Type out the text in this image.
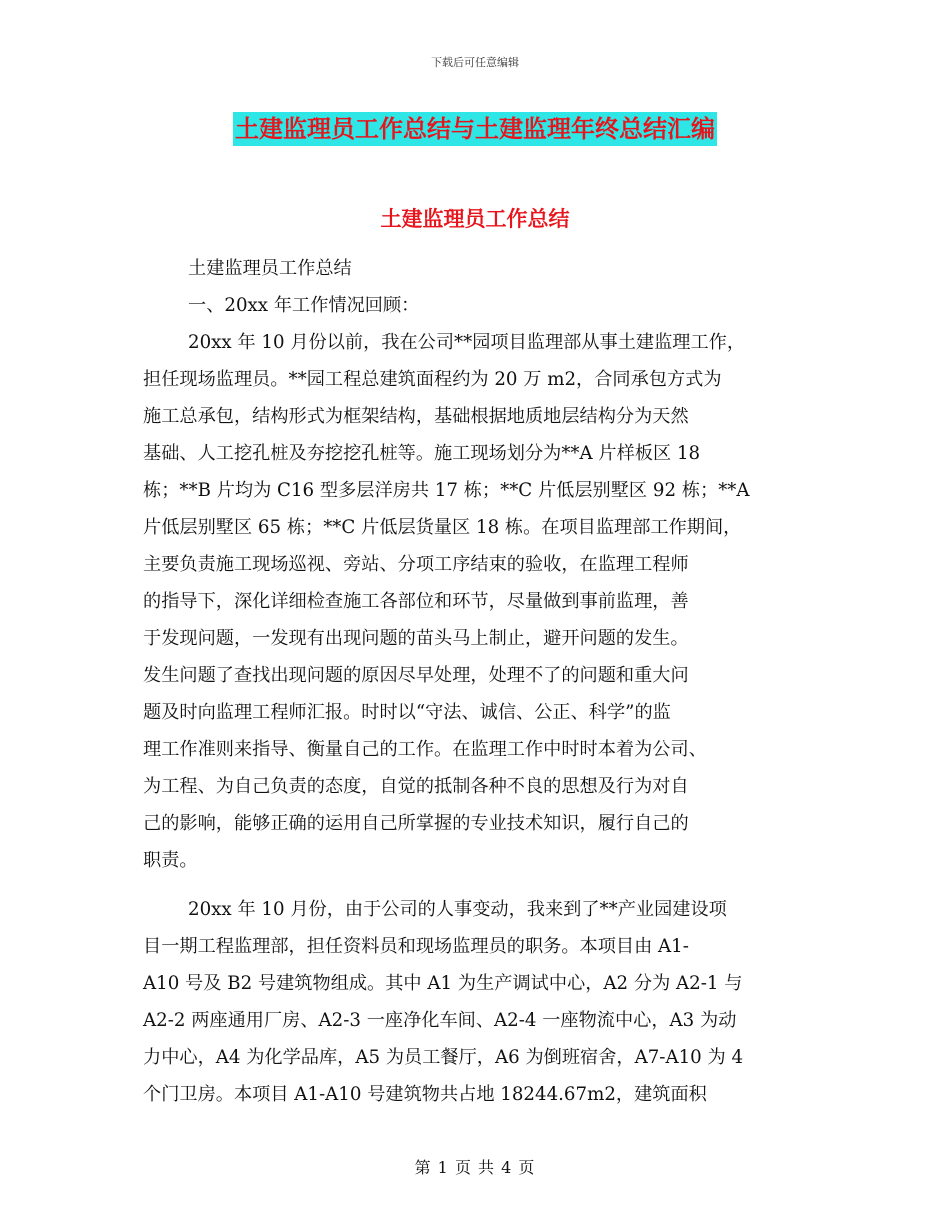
下载后可任意编辑
土建监理员工作总结与土建监理年终总结汇编
土建监理员工作总结
土建监理员工作总结
一、20xx 年工作情况回顾：
20xx 年 10 月份以前，我在公司**园项目监理部从事土建监理工作，
担任现场监理员。**园工程总建筑面程约为 20 万 m2，合同承包方式为
施工总承包，结构形式为框架结构，基础根据地质地层结构分为天然
基础、人工挖孔桩及夯挖挖孔桩等。施工现场划分为**A 片样板区 18
栋；**B 片均为 C16 型多层洋房共 17 栋；**C 片低层别墅区 92 栋；**A
片低层别墅区 65 栋；**C 片低层货量区 18 栋。在项目监理部工作期间，
主要负责施工现场巡视、旁站、分项工序结束的验收，在监理工程师
的指导下，深化详细检查施工各部位和环节，尽量做到事前监理，善
于发现问题，一发现有出现问题的苗头马上制止，避开问题的发生。
发生问题了查找出现问题的原因尽早处理，处理不了的问题和重大问
题及时向监理工程师汇报。时时以“守法、诚信、公正、科学”的监
理工作准则来指导、衡量自己的工作。在监理工作中时时本着为公司、
为工程、为自己负责的态度，自觉的抵制各种不良的思想及行为对自
己的影响，能够正确的运用自己所掌握的专业技术知识，履行自己的
职责。
20xx 年 10 月份，由于公司的人事变动，我来到了**产业园建设项
目一期工程监理部，担任资料员和现场监理员的职务。本项目由 A1-
A10 号及 B2 号建筑物组成。其中 A1 为生产调试中心，A2 分为 A2-1 与
A2-2 两座通用厂房、A2-3 一座净化车间、A2-4 一座物流中心，A3 为动
力中心，A4 为化学品库，A5 为员工餐厅，A6 为倒班宿舍，A7-A10 为 4
个门卫房。本项目 A1-A10 号建筑物共占地 18244.67m2，建筑面积
第 1 页 共 4 页
